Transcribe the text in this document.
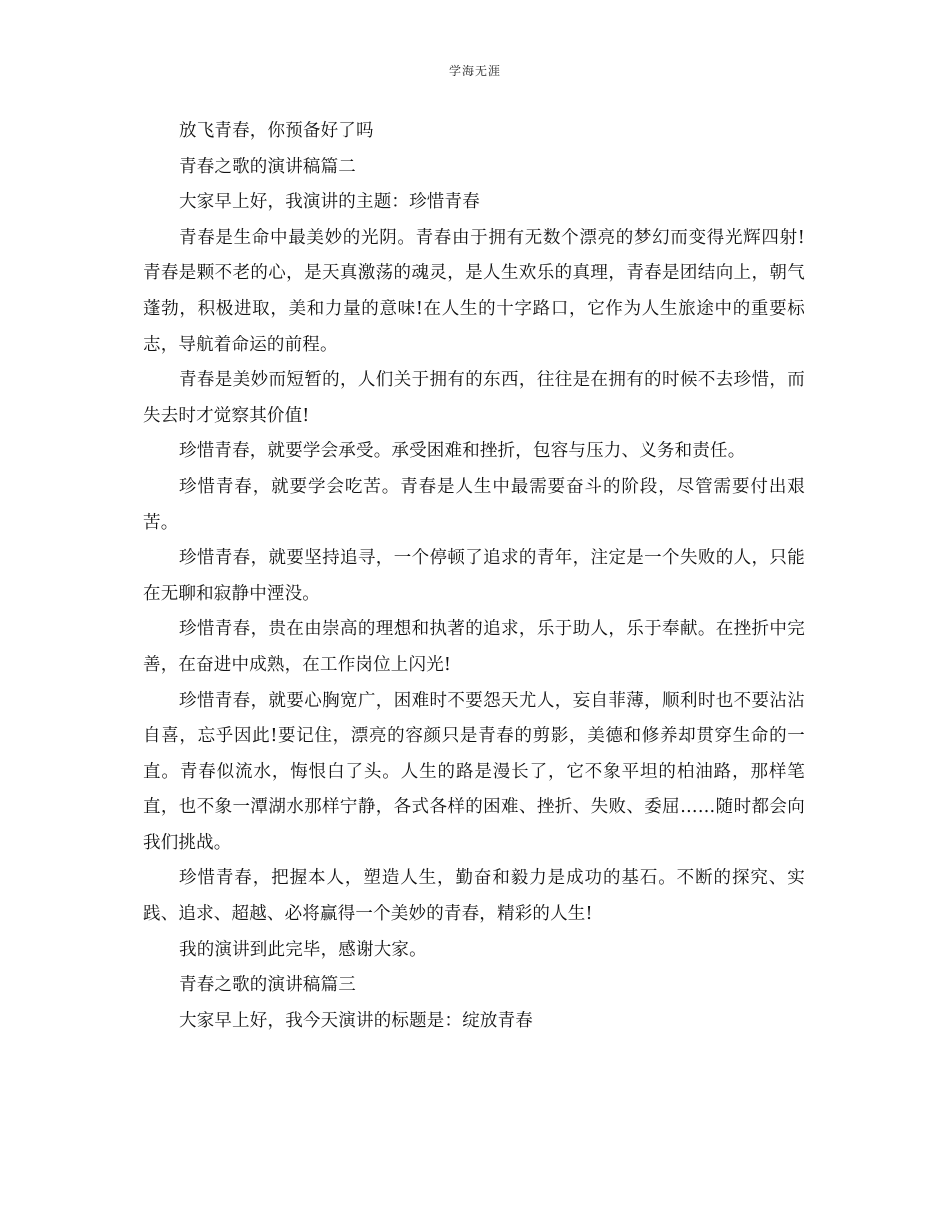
学海无涯

放飞青春，你预备好了吗

青春之歌的演讲稿篇二

大家早上好，我演讲的主题：珍惜青春

青春是生命中最美妙的光阴。青春由于拥有无数个漂亮的梦幻而变得光辉四射!青春是颗不老的心，是天真激荡的魂灵，是人生欢乐的真理，青春是团结向上，朝气蓬勃，积极进取，美和力量的意味!在人生的十字路口，它作为人生旅途中的重要标志，导航着命运的前程。

青春是美妙而短暂的，人们关于拥有的东西，往往是在拥有的时候不去珍惜，而失去时才觉察其价值!

珍惜青春，就要学会承受。承受困难和挫折，包容与压力、义务和责任。

珍惜青春，就要学会吃苦。青春是人生中最需要奋斗的阶段，尽管需要付出艰苦。

珍惜青春，就要坚持追寻，一个停顿了追求的青年，注定是一个失败的人，只能在无聊和寂静中湮没。

珍惜青春，贵在由崇高的理想和执著的追求，乐于助人，乐于奉献。在挫折中完善，在奋进中成熟，在工作岗位上闪光!

珍惜青春，就要心胸宽广，困难时不要怨天尤人，妄自菲薄，顺利时也不要沾沾自喜，忘乎因此!要记住，漂亮的容颜只是青春的剪影，美德和修养却贯穿生命的一直。青春似流水，悔恨白了头。人生的路是漫长了，它不象平坦的柏油路，那样笔直，也不象一潭湖水那样宁静，各式各样的困难、挫折、失败、委屈……随时都会向我们挑战。

珍惜青春，把握本人，塑造人生，勤奋和毅力是成功的基石。不断的探究、实践、追求、超越、必将赢得一个美妙的青春，精彩的人生!

我的演讲到此完毕，感谢大家。

青春之歌的演讲稿篇三

大家早上好，我今天演讲的标题是：绽放青春
